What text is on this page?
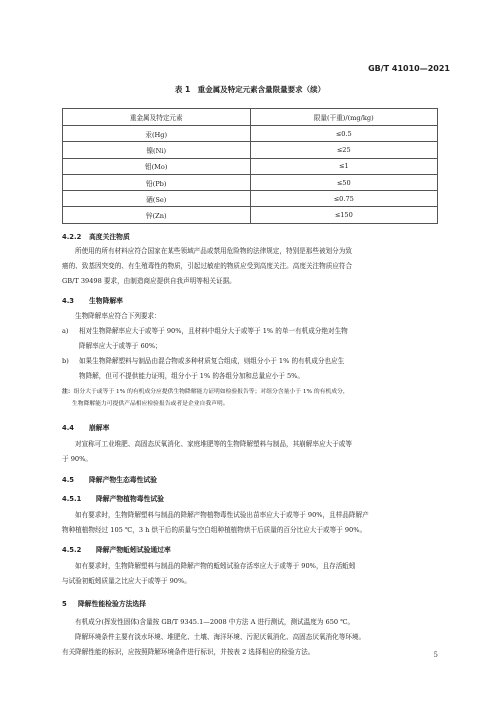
GB/T 41010—2021
表 1　重金属及特定元素含量限量要求（续）
重金属及特定元素	限量(干重)/(mg/kg)
汞(Hg)	≤0.5
镍(Ni)	≤25
钼(Mo)	≤1
铅(Pb)	≤50
硒(Se)	≤0.75
锌(Zn)	≤150
4.2.2 高度关注物质
所使用的所有材料应符合国家在某些领域产品或禁用危险物的法律规定，特别是那些被划分为致
癌的、致基因突变的、有生殖毒性的物质，引起过敏症的物质应受到高度关注。高度关注物质应符合
GB/T 39498 要求，由制造商应提供自我声明等相关证据。
4.3 生物降解率
生物降解率应符合下列要求：
a) 相对生物降解率应大于或等于 90%，且材料中组分大于或等于 1% 的单一有机成分绝对生物
降解率应大于或等于 60%；
b) 如果生物降解塑料与制品由混合物或多种材质复合组成，则组分小于 1% 的有机成分也应生
物降解，但可不提供能力证明，组分小于 1% 的各组分加和总量应小于 5%。
注：组分大于或等于 1% 的有机成分应提供生物降解能力证明如检验报告等；对组分含量小于 1% 的有机成分，
生物降解能力可提供产品相应检验报告或者是企业自我声明。
4.4 崩解率
对宣称可工业堆肥、高固态厌氧消化、家庭堆肥等的生物降解塑料与制品，其崩解率应大于或等
于 90%。
4.5 降解产物生态毒性试验
4.5.1 降解产物植物毒性试验
如有要求时，生物降解塑料与制品的降解产物植物毒性试验出苗率应大于或等于 90%，且样品降解产
物种植植物经过 105 ℃，3 h 烘干后的质量与空白组种植植物烘干后质量的百分比应大于或等于 90%。
4.5.2 降解产物蚯蚓试验通过率
如有要求时，生物降解塑料与制品的降解产物的蚯蚓试验存活率应大于或等于 90%，且存活蚯蚓
与试验初蚯蚓质量之比应大于或等于 90%。
5 降解性能检验方法选择
有机成分(挥发性固体)含量按 GB/T 9345.1—2008 中方法 A 进行测试，测试温度为 650 ℃。
降解环境条件主要有淡水环境、堆肥化、土壤、海洋环境、污泥厌氧消化、高固态厌氧消化等环境。
有关降解性能的标识，应按照降解环境条件进行标识，并按表 2 选择相应的检验方法。	5
